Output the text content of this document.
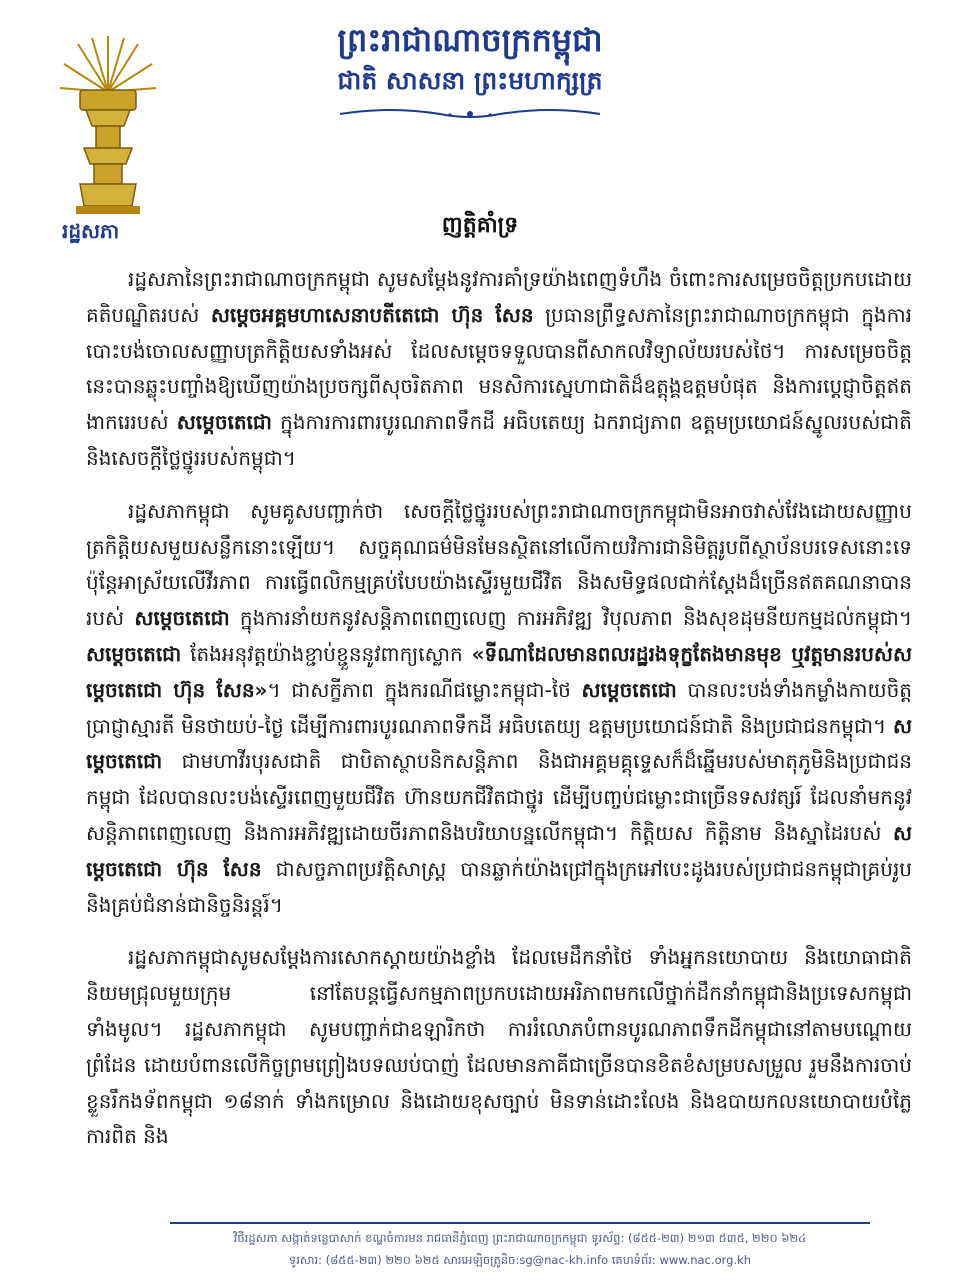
ព្រះរាជាណាចក្រកម្ពុជា
ជាតិ សាសនា ព្រះមហាក្សត្រ
រដ្ឋសភា	ញត្តិគាំទ្រ

រដ្ឋសភានៃព្រះរាជាណាចក្រកម្ពុជា សូមសម្តែងនូវការគាំទ្រយ៉ាងពេញទំហឹង ចំពោះការសម្រេចចិត្តប្រកបដោយគតិបណ្ឌិតរបស់ សម្តេចអគ្គមហាសេនាបតីតេជោ ហ៊ុន សែន ប្រធានព្រឹទ្ធសភានៃព្រះរាជាណាចក្រកម្ពុជា ក្នុងការបោះបង់ចោលសញ្ញាបត្រកិត្តិយសទាំងអស់ ដែលសម្តេចទទួលបានពីសាកលវិទ្យាល័យរបស់ថៃ។ ការសម្រេចចិត្តនេះបានឆ្លុះបញ្ចាំងឱ្យឃើញយ៉ាងប្រចក្សពីសុចរិតភាព មនសិការស្នេហាជាតិដ៏ឧត្តុង្គឧត្តមបំផុត និងការប្តេជ្ញាចិត្តឥតងាករេរបស់ សម្តេចតេជោ ក្នុងការការពារបូរណភាពទឹកដី អធិបតេយ្យ ឯករាជ្យភាព ឧត្តមប្រយោជន៍ស្នូលរបស់ជាតិ និងសេចក្តីថ្លៃថ្នូររបស់កម្ពុជា។

រដ្ឋសភាកម្ពុជា សូមគូសបញ្ជាក់ថា សេចក្តីថ្លៃថ្នូររបស់ព្រះរាជាណាចក្រកម្ពុជាមិនអាចវាស់វែងដោយសញ្ញាបត្រកិត្តិយសមួយសន្លឹកនោះឡើយ។ សច្ចគុណធម៌មិនមែនស្ថិតនៅលើកាយវិការជានិមិត្តរូបពីស្ថាប័នបរទេសនោះទេ ប៉ុន្តែអាស្រ័យលើវីរភាព ការធ្វើពលិកម្មគ្រប់បែបយ៉ាងស្ទើរមួយជីវិត និងសមិទ្ធផលជាក់ស្តែងដ៏ច្រើនឥតគណនាបានរបស់ សម្តេចតេជោ ក្នុងការនាំយកនូវសន្តិភាពពេញលេញ ការអភិវឌ្ឍ វិបុលភាព និងសុខដុមនីយកម្មដល់កម្ពុជា។ សម្តេចតេជោ តែងអនុវត្តយ៉ាងខ្ជាប់ខ្ជួននូវពាក្យស្លោក «ទីណាដែលមានពលរដ្ឋរងទុក្ខតែងមានមុខ ឬវត្តមានរបស់សម្តេចតេជោ ហ៊ុន សែន»។ ជាសក្ខីភាព ក្នុងករណីជម្លោះកម្ពុជា-ថៃ សម្តេចតេជោ បានលះបង់ទាំងកម្លាំងកាយចិត្ត ប្រាជ្ញាស្មារតី មិនថាយប់-ថ្ងៃ ដើម្បីការពារបូរណភាពទឹកដី អធិបតេយ្យ ឧត្តមប្រយោជន៍ជាតិ និងប្រជាជនកម្ពុជា។ សម្តេចតេជោ ជាមហាវីរបុរសជាតិ ជាបិតាស្ថាបនិកសន្តិភាព និងជាអគ្គមគ្គុទ្ទេសក៏ដ៏ឆ្នើមរបស់មាតុភូមិនិងប្រជាជនកម្ពុជា ដែលបានលះបង់ស្ទើរពេញមួយជីវិត ហ៊ានយកជីវិតជាថ្នូរ ដើម្បីបញ្ចប់ជម្លោះជាច្រើនទសវត្សរ៍ ដែលនាំមកនូវសន្តិភាពពេញលេញ និងការអភិវឌ្ឍដោយចីរភាពនិងបរិយាបន្នលើកម្ពុជា។ កិត្តិយស កិត្តិនាម និងស្នាដៃរបស់ សម្តេចតេជោ ហ៊ុន សែន ជាសច្ចភាពប្រវត្តិសាស្ត្រ បានឆ្លាក់យ៉ាងជ្រៅក្នុងក្រអៅបេះដូងរបស់ប្រជាជនកម្ពុជាគ្រប់រូប និងគ្រប់ជំនាន់ជានិច្ចនិរន្តរ៍។

រដ្ឋសភាកម្ពុជាសូមសម្តែងការសោកស្តាយយ៉ាងខ្លាំង ដែលមេដឹកនាំថៃ ទាំងអ្នកនយោបាយ និងយោធាជាតិនិយមជ្រុលមួយក្រុម នៅតែបន្តធ្វើសកម្មភាពប្រកបដោយអរិភាពមកលើថ្នាក់ដឹកនាំកម្ពុជានិងប្រទេសកម្ពុជាទាំងមូល។ រដ្ឋសភាកម្ពុជា សូមបញ្ជាក់ជាឧឡារិកថា ការរំលោភបំពានបូរណភាពទឹកដីកម្ពុជានៅតាមបណ្តោយព្រំដែន ដោយបំពានលើកិច្ចព្រមព្រៀងបទឈប់បាញ់ ដែលមានភាគីជាច្រើនបានខិតខំសម្របសម្រួល រួមនឹងការចាប់ខ្លួនរឹកងទ័ពកម្ពុជា ១៨នាក់ ទាំងកម្រោល និងដោយខុសច្បាប់ មិនទាន់ដោះលែង និងឧបាយកលនយោបាយបំភ្លៃការពិត និង

វិថីរដ្ឋសភា សង្កាត់ទន្លេបាសាក់ ខណ្ឌចំការមន រាជធានីភ្នំពេញ ព្រះរាជាណាចក្រកម្ពុជា ទូរស័ព្ទ: (៨៥៥-២៣) ២១៣ ៥៣៥, ២២០ ៦២៤
ទូរសារ: (៨៥៥-២៣) ២២០ ៦២៥ សារអេឡិចត្រូនិច:sg@nac-kh.info គេហទំព័រ: www.nac.org.kh
